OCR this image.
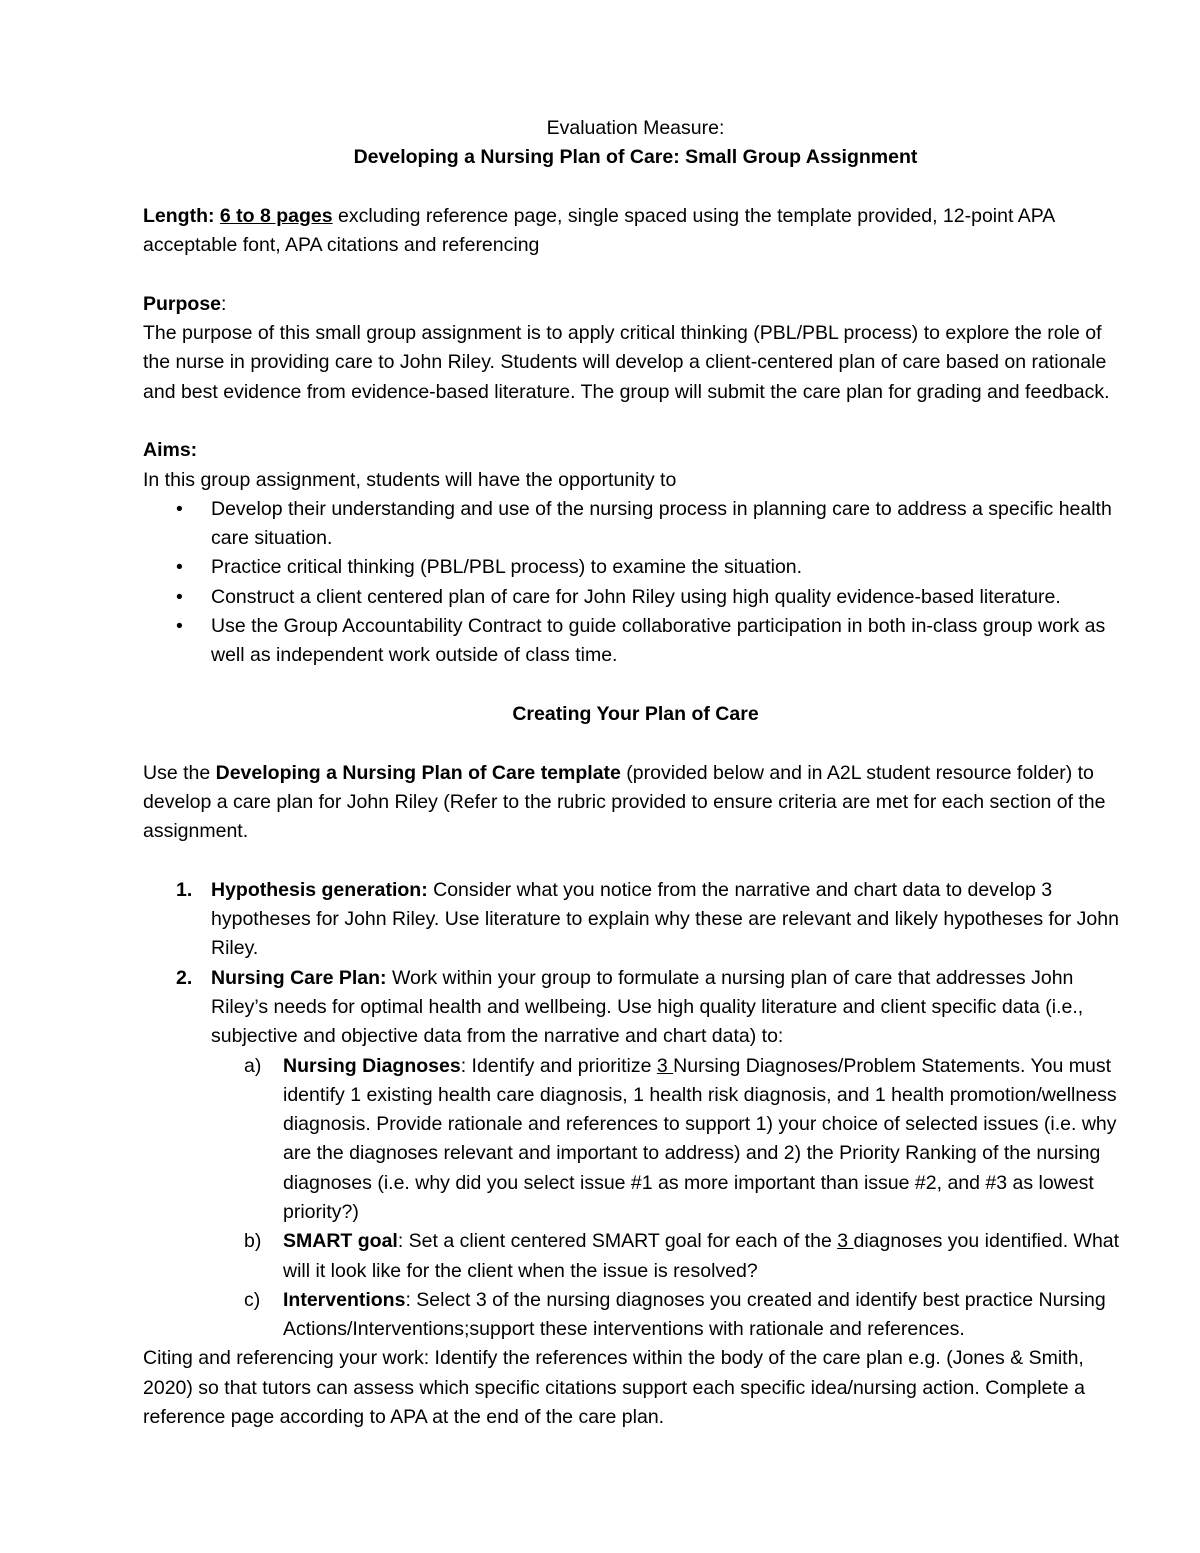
Evaluation Measure:

Developing a Nursing Plan of Care: Small Group Assignment

Length: 6 to 8 pages excluding reference page, single spaced using the template provided, 12-point APA acceptable font, APA citations and referencing

Purpose:

The purpose of this small group assignment is to apply critical thinking (PBL/PBL process) to explore the role of the nurse in providing care to John Riley. Students will develop a client-centered plan of care based on rationale and best evidence from evidence-based literature. The group will submit the care plan for grading and feedback.

Aims:

In this group assignment, students will have the opportunity to

• Develop their understanding and use of the nursing process in planning care to address a specific health care situation.
• Practice critical thinking (PBL/PBL process) to examine the situation.
• Construct a client centered plan of care for John Riley using high quality evidence-based literature.
• Use the Group Accountability Contract to guide collaborative participation in both in-class group work as well as independent work outside of class time.

Creating Your Plan of Care

Use the Developing a Nursing Plan of Care template (provided below and in A2L student resource folder) to develop a care plan for John Riley (Refer to the rubric provided to ensure criteria are met for each section of the assignment.

1. Hypothesis generation: Consider what you notice from the narrative and chart data to develop 3 hypotheses for John Riley. Use literature to explain why these are relevant and likely hypotheses for John Riley.
2. Nursing Care Plan: Work within your group to formulate a nursing plan of care that addresses John Riley’s needs for optimal health and wellbeing. Use high quality literature and client specific data (i.e., subjective and objective data from the narrative and chart data) to:
a) Nursing Diagnoses: Identify and prioritize 3 Nursing Diagnoses/Problem Statements. You must identify 1 existing health care diagnosis, 1 health risk diagnosis, and 1 health promotion/wellness diagnosis. Provide rationale and references to support 1) your choice of selected issues (i.e. why are the diagnoses relevant and important to address) and 2) the Priority Ranking of the nursing diagnoses (i.e. why did you select issue #1 as more important than issue #2, and #3 as lowest priority?)
b) SMART goal: Set a client centered SMART goal for each of the 3 diagnoses you identified. What will it look like for the client when the issue is resolved?
c) Interventions: Select 3 of the nursing diagnoses you created and identify best practice Nursing Actions/Interventions;support these interventions with rationale and references.

Citing and referencing your work: Identify the references within the body of the care plan e.g. (Jones & Smith, 2020) so that tutors can assess which specific citations support each specific idea/nursing action. Complete a reference page according to APA at the end of the care plan.
